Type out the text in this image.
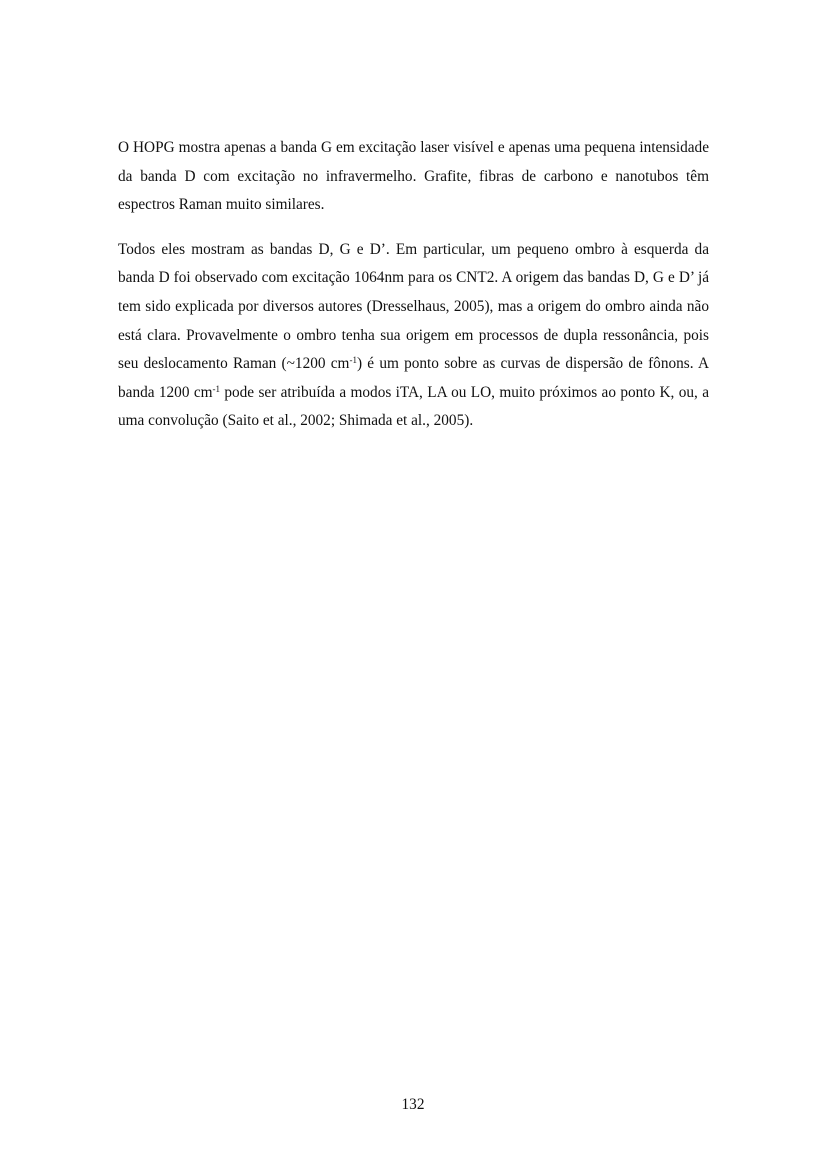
O HOPG mostra apenas a banda G em excitação laser visível e apenas uma pequena intensidade da banda D com excitação no infravermelho. Grafite, fibras de carbono e nanotubos têm espectros Raman muito similares.

Todos eles mostram as bandas D, G e D’. Em particular, um pequeno ombro à esquerda da banda D foi observado com excitação 1064nm para os CNT2. A origem das bandas D, G e D’ já tem sido explicada por diversos autores (Dresselhaus, 2005), mas a origem do ombro ainda não está clara. Provavelmente o ombro tenha sua origem em processos de dupla ressonância, pois seu deslocamento Raman (~1200 $cm^{-1}$) é um ponto sobre as curvas de dispersão de fônons. A banda 1200 $cm^{-1}$ pode ser atribuída a modos iTA, LA ou LO, muito próximos ao ponto K, ou, a uma convolução (Saito et al., 2002; Shimada et al., 2005).

132
